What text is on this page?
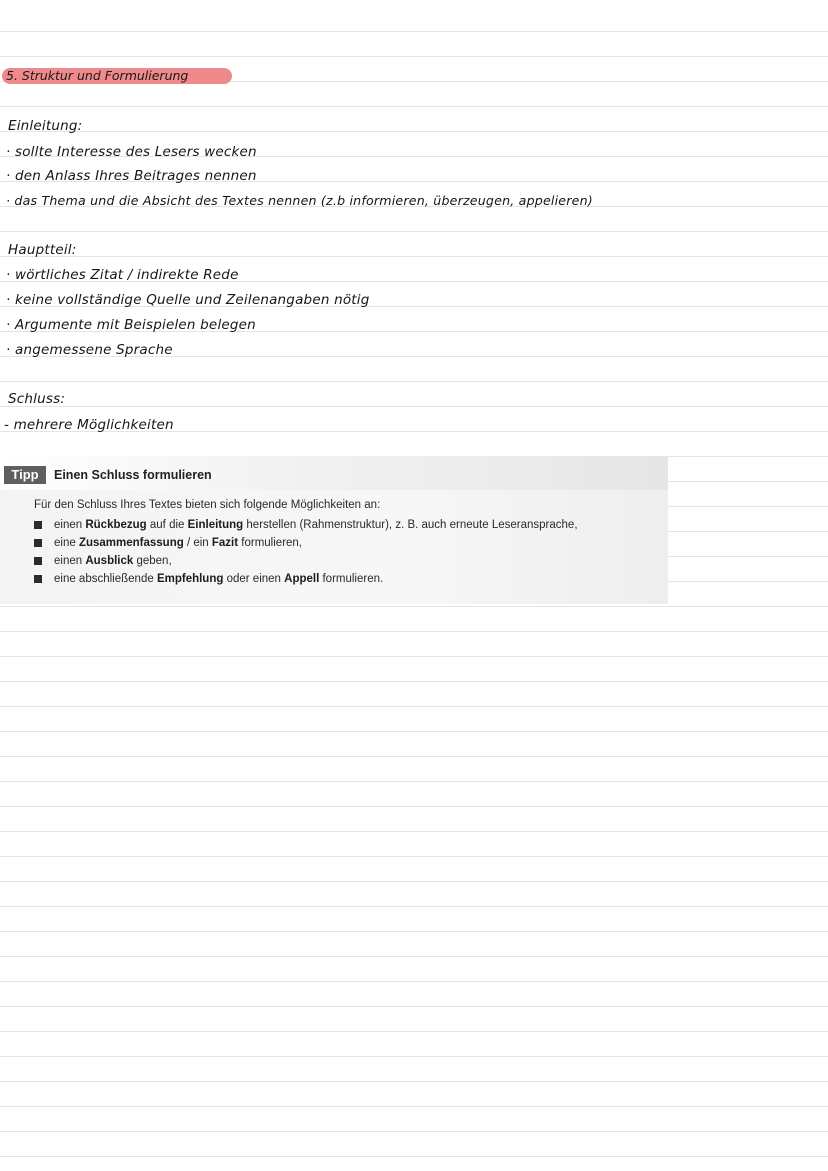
5. Struktur und Formulierung
Einleitung:
· sollte Interesse des Lesers wecken
· den Anlass Ihres Beitrages nennen
· das Thema und die Absicht des Textes nennen (z.b informieren, überzeugen, appelieren)
Hauptteil:
· wörtliches Zitat / indirekte Rede
· keine vollständige Quelle und Zeilenangaben nötig
· Argumente mit Beispielen belegen
· angemessene Sprache
Schluss:
- mehrere Möglichkeiten
Tipp	Einen Schluss formulieren
Für den Schluss Ihres Textes bieten sich folgende Möglichkeiten an:
einen Rückbezug auf die Einleitung herstellen (Rahmenstruktur), z. B. auch erneute Leseransprache,
eine Zusammenfassung / ein Fazit formulieren,
einen Ausblick geben,
eine abschließende Empfehlung oder einen Appell formulieren.
